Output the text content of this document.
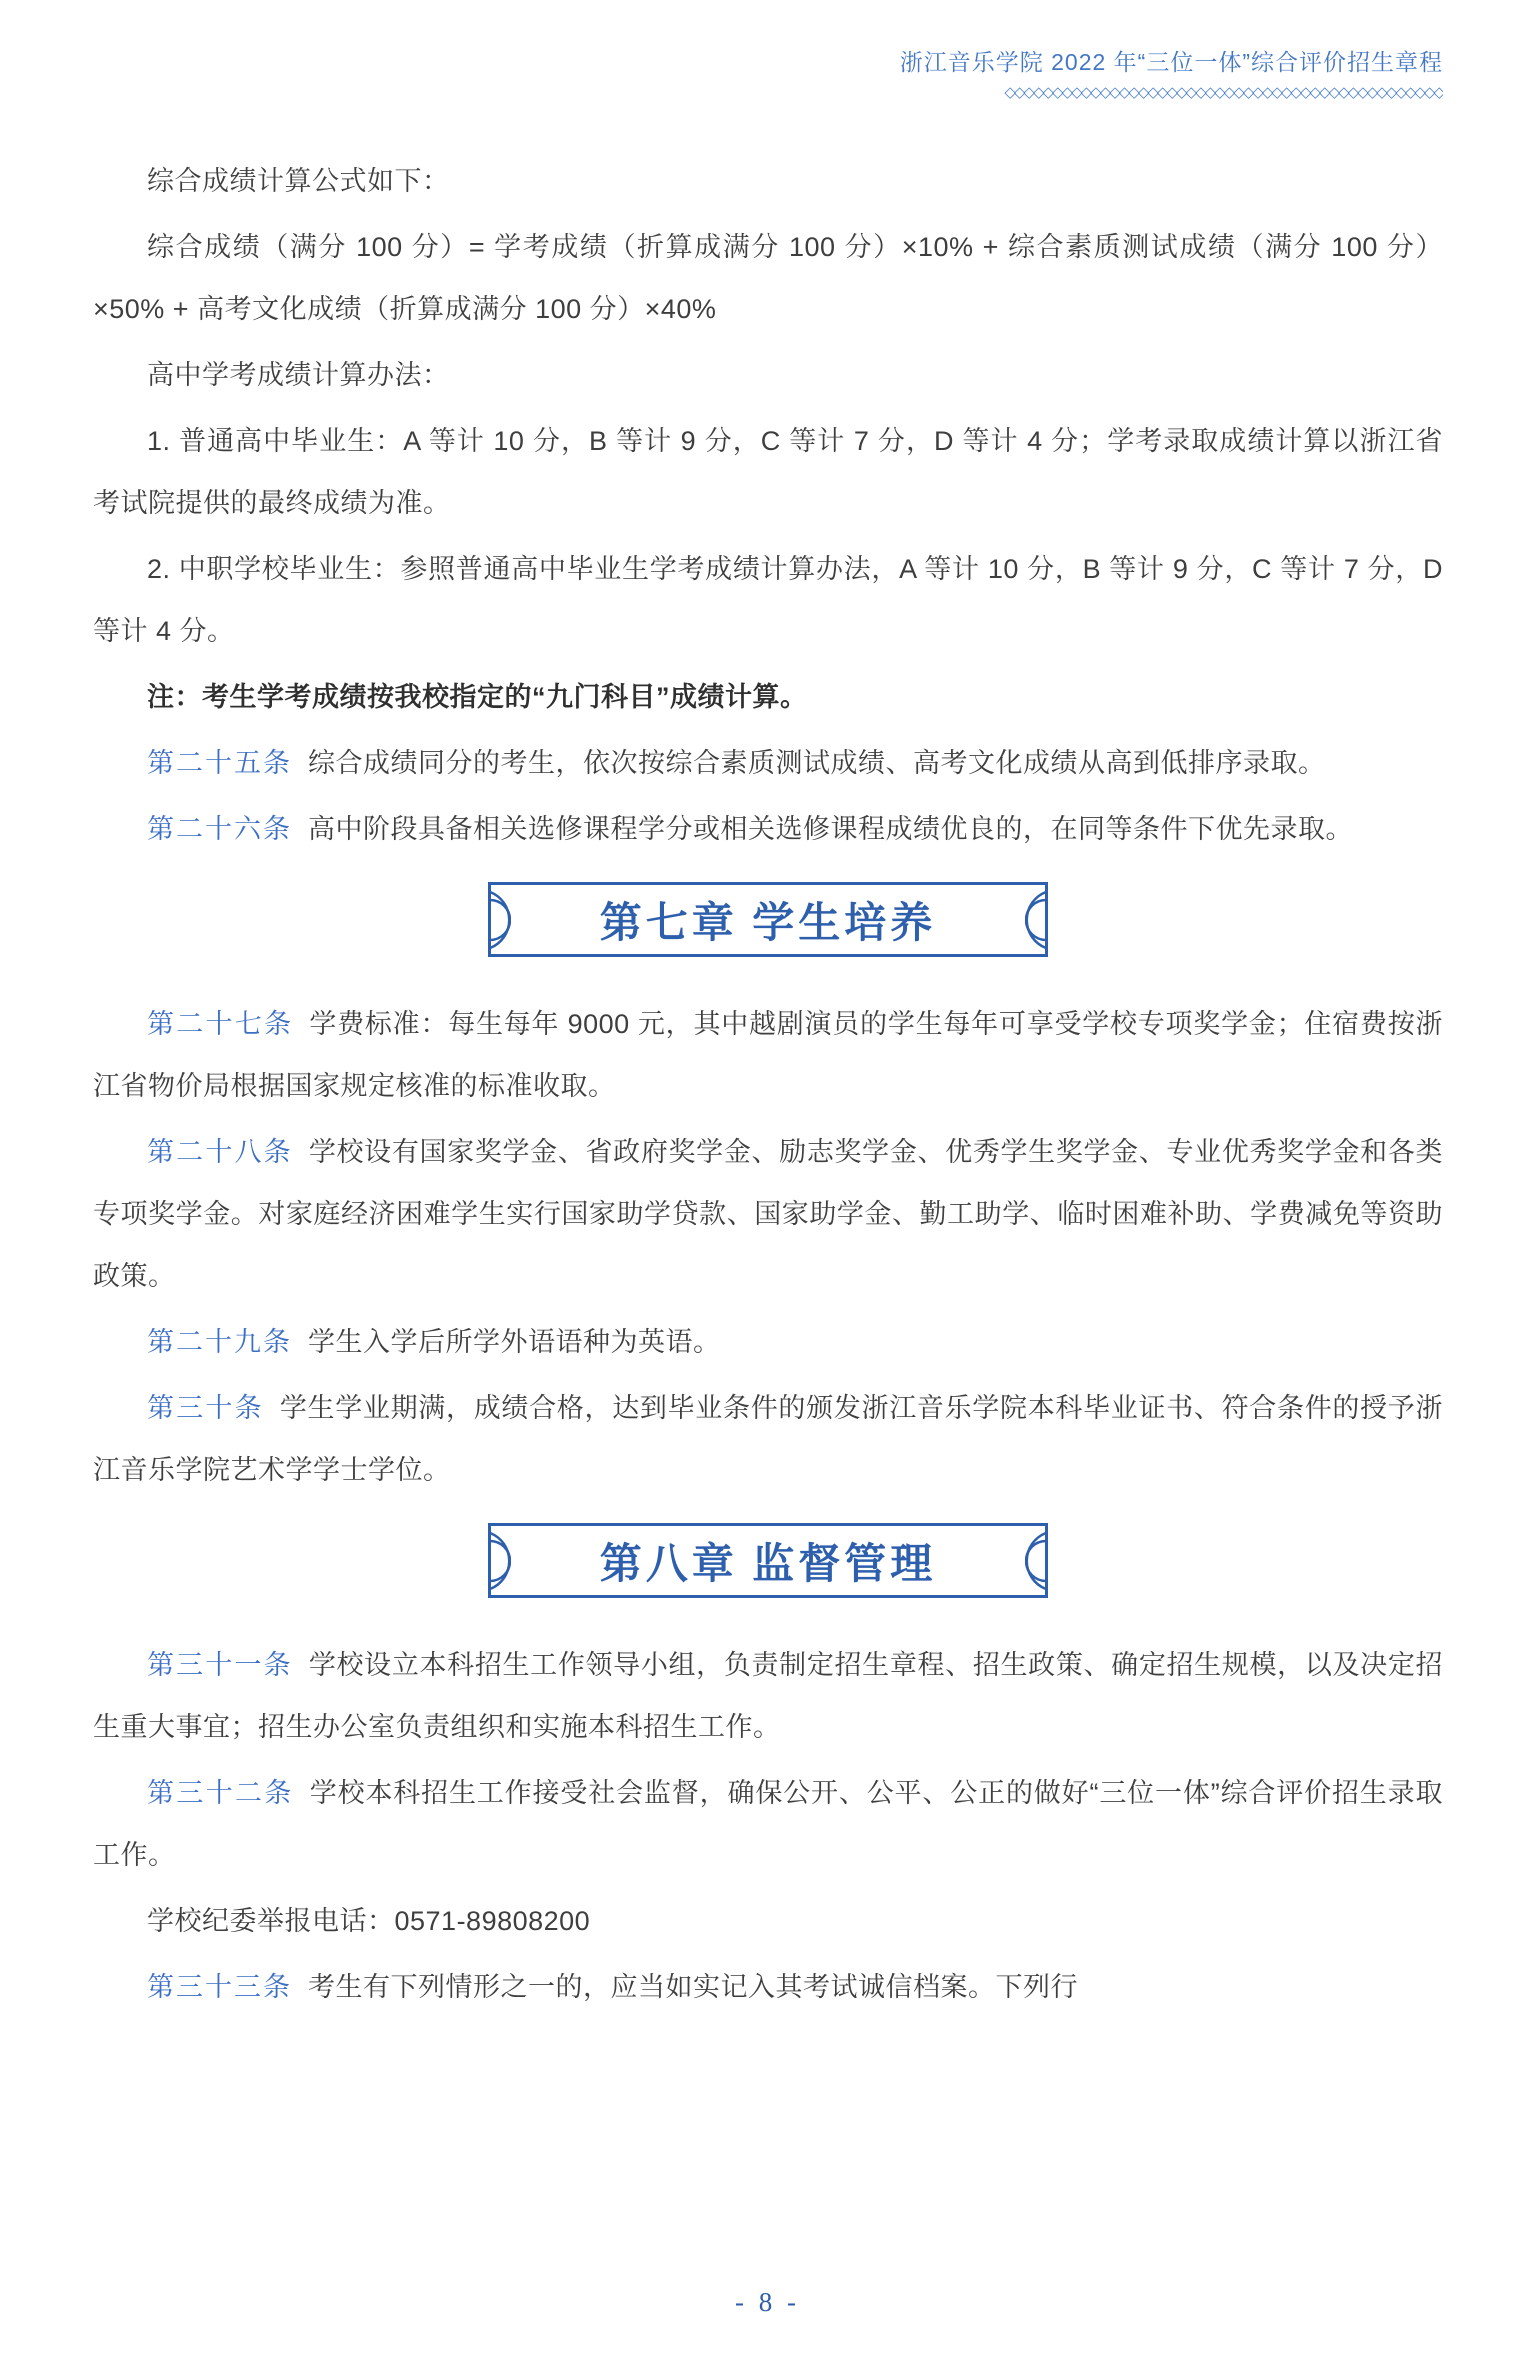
浙江音乐学院 2022 年“三位一体”综合评价招生章程
◇◇◇◇◇◇◇◇◇◇◇◇◇◇◇◇◇◇◇◇◇◇◇◇◇◇◇◇◇◇◇◇◇◇◇◇◇◇◇◇◇◇◇◇◇◇

综合成绩计算公式如下：

综合成绩（满分 100 分）= 学考成绩（折算成满分 100 分）×10% + 综合素质测试成绩（满分 100 分）×50% + 高考文化成绩（折算成满分 100 分）×40%

高中学考成绩计算办法：

1. 普通高中毕业生：A 等计 10 分，B 等计 9 分，C 等计 7 分，D 等计 4 分；学考录取成绩计算以浙江省考试院提供的最终成绩为准。

2. 中职学校毕业生：参照普通高中毕业生学考成绩计算办法，A 等计 10 分，B 等计 9 分，C 等计 7 分，D 等计 4 分。

注：考生学考成绩按我校指定的“九门科目”成绩计算。

第二十五条 综合成绩同分的考生，依次按综合素质测试成绩、高考文化成绩从高到低排序录取。

第二十六条 高中阶段具备相关选修课程学分或相关选修课程成绩优良的，在同等条件下优先录取。

第七章 学生培养

第二十七条 学费标准：每生每年 9000 元，其中越剧演员的学生每年可享受学校专项奖学金；住宿费按浙江省物价局根据国家规定核准的标准收取。

第二十八条 学校设有国家奖学金、省政府奖学金、励志奖学金、优秀学生奖学金、专业优秀奖学金和各类专项奖学金。对家庭经济困难学生实行国家助学贷款、国家助学金、勤工助学、临时困难补助、学费减免等资助政策。

第二十九条 学生入学后所学外语语种为英语。

第三十条 学生学业期满，成绩合格，达到毕业条件的颁发浙江音乐学院本科毕业证书、符合条件的授予浙江音乐学院艺术学学士学位。

第八章 监督管理

第三十一条 学校设立本科招生工作领导小组，负责制定招生章程、招生政策、确定招生规模，以及决定招生重大事宜；招生办公室负责组织和实施本科招生工作。

第三十二条 学校本科招生工作接受社会监督，确保公开、公平、公正的做好“三位一体”综合评价招生录取工作。

学校纪委举报电话：0571-89808200

第三十三条 考生有下列情形之一的，应当如实记入其考试诚信档案。下列行

- 8 -
